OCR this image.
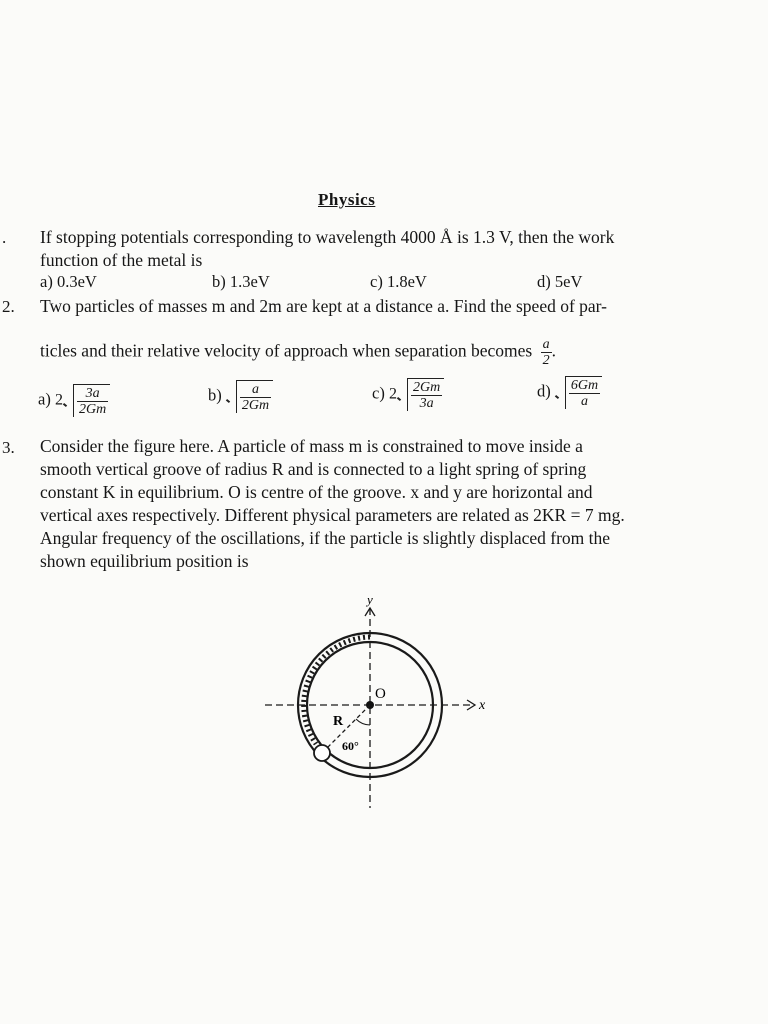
Physics
. If stopping potentials corresponding to wavelength 4000 Å is 1.3 V, then the work
function of the metal is
a) 0.3eV	b) 1.3eV	c) 1.8eV	d) 5eV
2. Two particles of masses m and 2m are kept at a distance a. Find the speed of par-
ticles and their relative velocity of approach when separation becomes $\frac{a}{2}$ .
a) $2 \frac{3a}{2Gm}$	$b) \frac{a}{2Gm}$	c) $2 \frac{2Gm}{3a}$	$d) \frac{6Gm}{a}$
3. Consider the figure here. A particle of mass m is constrained to move inside a
smooth vertical groove of radius R and is connected to a light spring of spring
constant K in equilibrium. O is centre of the groove. x and y are horizontal and
vertical axes respectively. Different physical parameters are related as 2KR = 7 mg.
Angular frequency of the oscillations, if the particle is slightly displaced from the
shown equilibrium position is
y
x
O
R
60°
